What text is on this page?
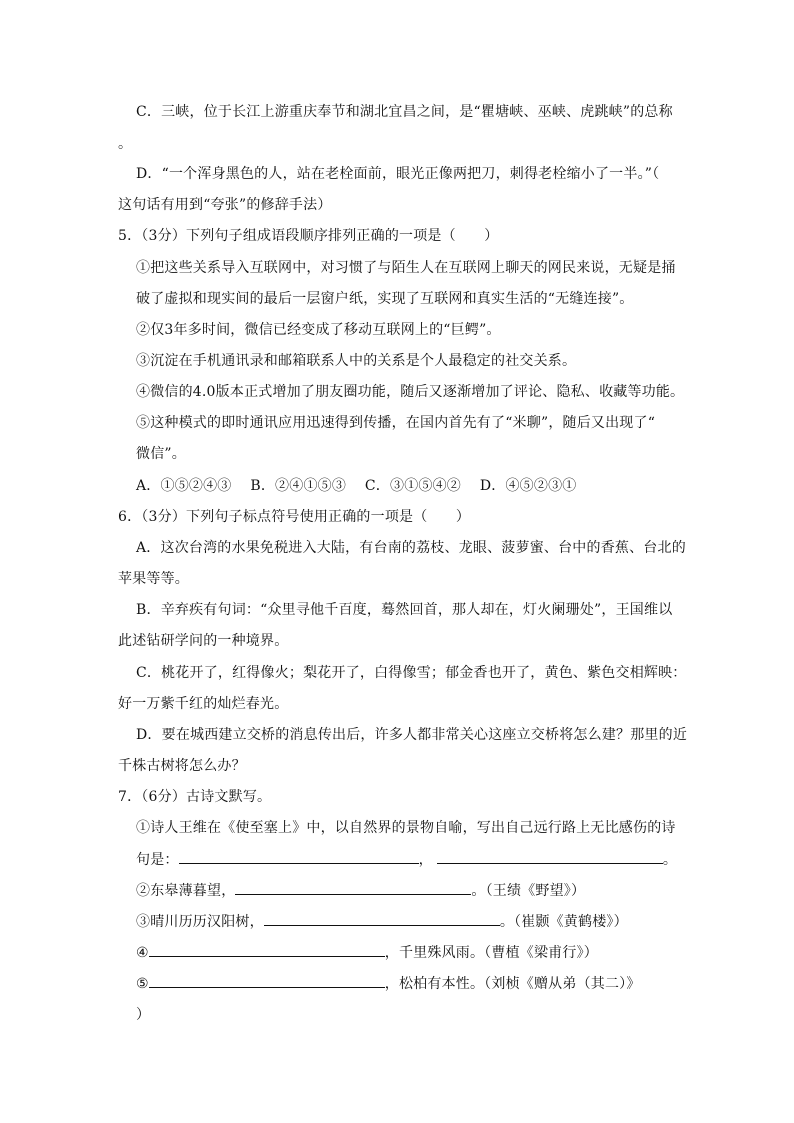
C．三峡，位于长江上游重庆奉节和湖北宜昌之间，是“瞿塘峡、巫峡、虎跳峡”的总称
。
D．“一个浑身黑色的人，站在老栓面前，眼光正像两把刀，刺得老栓缩小了一半。”（
这句话有用到“夸张”的修辞手法）
5．（3分）下列句子组成语段顺序排列正确的一项是（　　）
①把这些关系导入互联网中，对习惯了与陌生人在互联网上聊天的网民来说，无疑是捅
破了虚拟和现实间的最后一层窗户纸，实现了互联网和真实生活的“无缝连接”。
②仅3年多时间，微信已经变成了移动互联网上的“巨鳄”。
③沉淀在手机通讯录和邮箱联系人中的关系是个人最稳定的社交关系。
④微信的4.0版本正式增加了朋友圈功能，随后又逐渐增加了评论、隐私、收藏等功能。
⑤这种模式的即时通讯应用迅速得到传播，在国内首先有了“米聊”，随后又出现了“
微信”。
A．①⑤②④③　 B．②④①⑤③　 C．③①⑤④②　 D．④⑤②③①
6．（3分）下列句子标点符号使用正确的一项是（　　）
A．这次台湾的水果免税进入大陆，有台南的荔枝、龙眼、菠萝蜜、台中的香蕉、台北的
苹果等等。
B．辛弃疾有句词：“众里寻他千百度，蓦然回首，那人却在，灯火阑珊处”，王国维以
此述钻研学问的一种境界。
C．桃花开了，红得像火；梨花开了，白得像雪；郁金香也开了，黄色、紫色交相辉映：
好一万紫千红的灿烂春光。
D．要在城西建立交桥的消息传出后，许多人都非常关心这座立交桥将怎么建？那里的近
千株古树将怎么办？
7．（6分）古诗文默写。
①诗人王维在《使至塞上》中，以自然界的景物自喻，写出自己远行路上无比感伤的诗
句是：	，	。
②东皋薄暮望，	。（王绩《野望》）
③晴川历历汉阳树，	。（崔颢《黄鹤楼》）
④	，千里殊风雨。（曹植《梁甫行》）
⑤	，松柏有本性。（刘桢《赠从弟（其二）》
）
